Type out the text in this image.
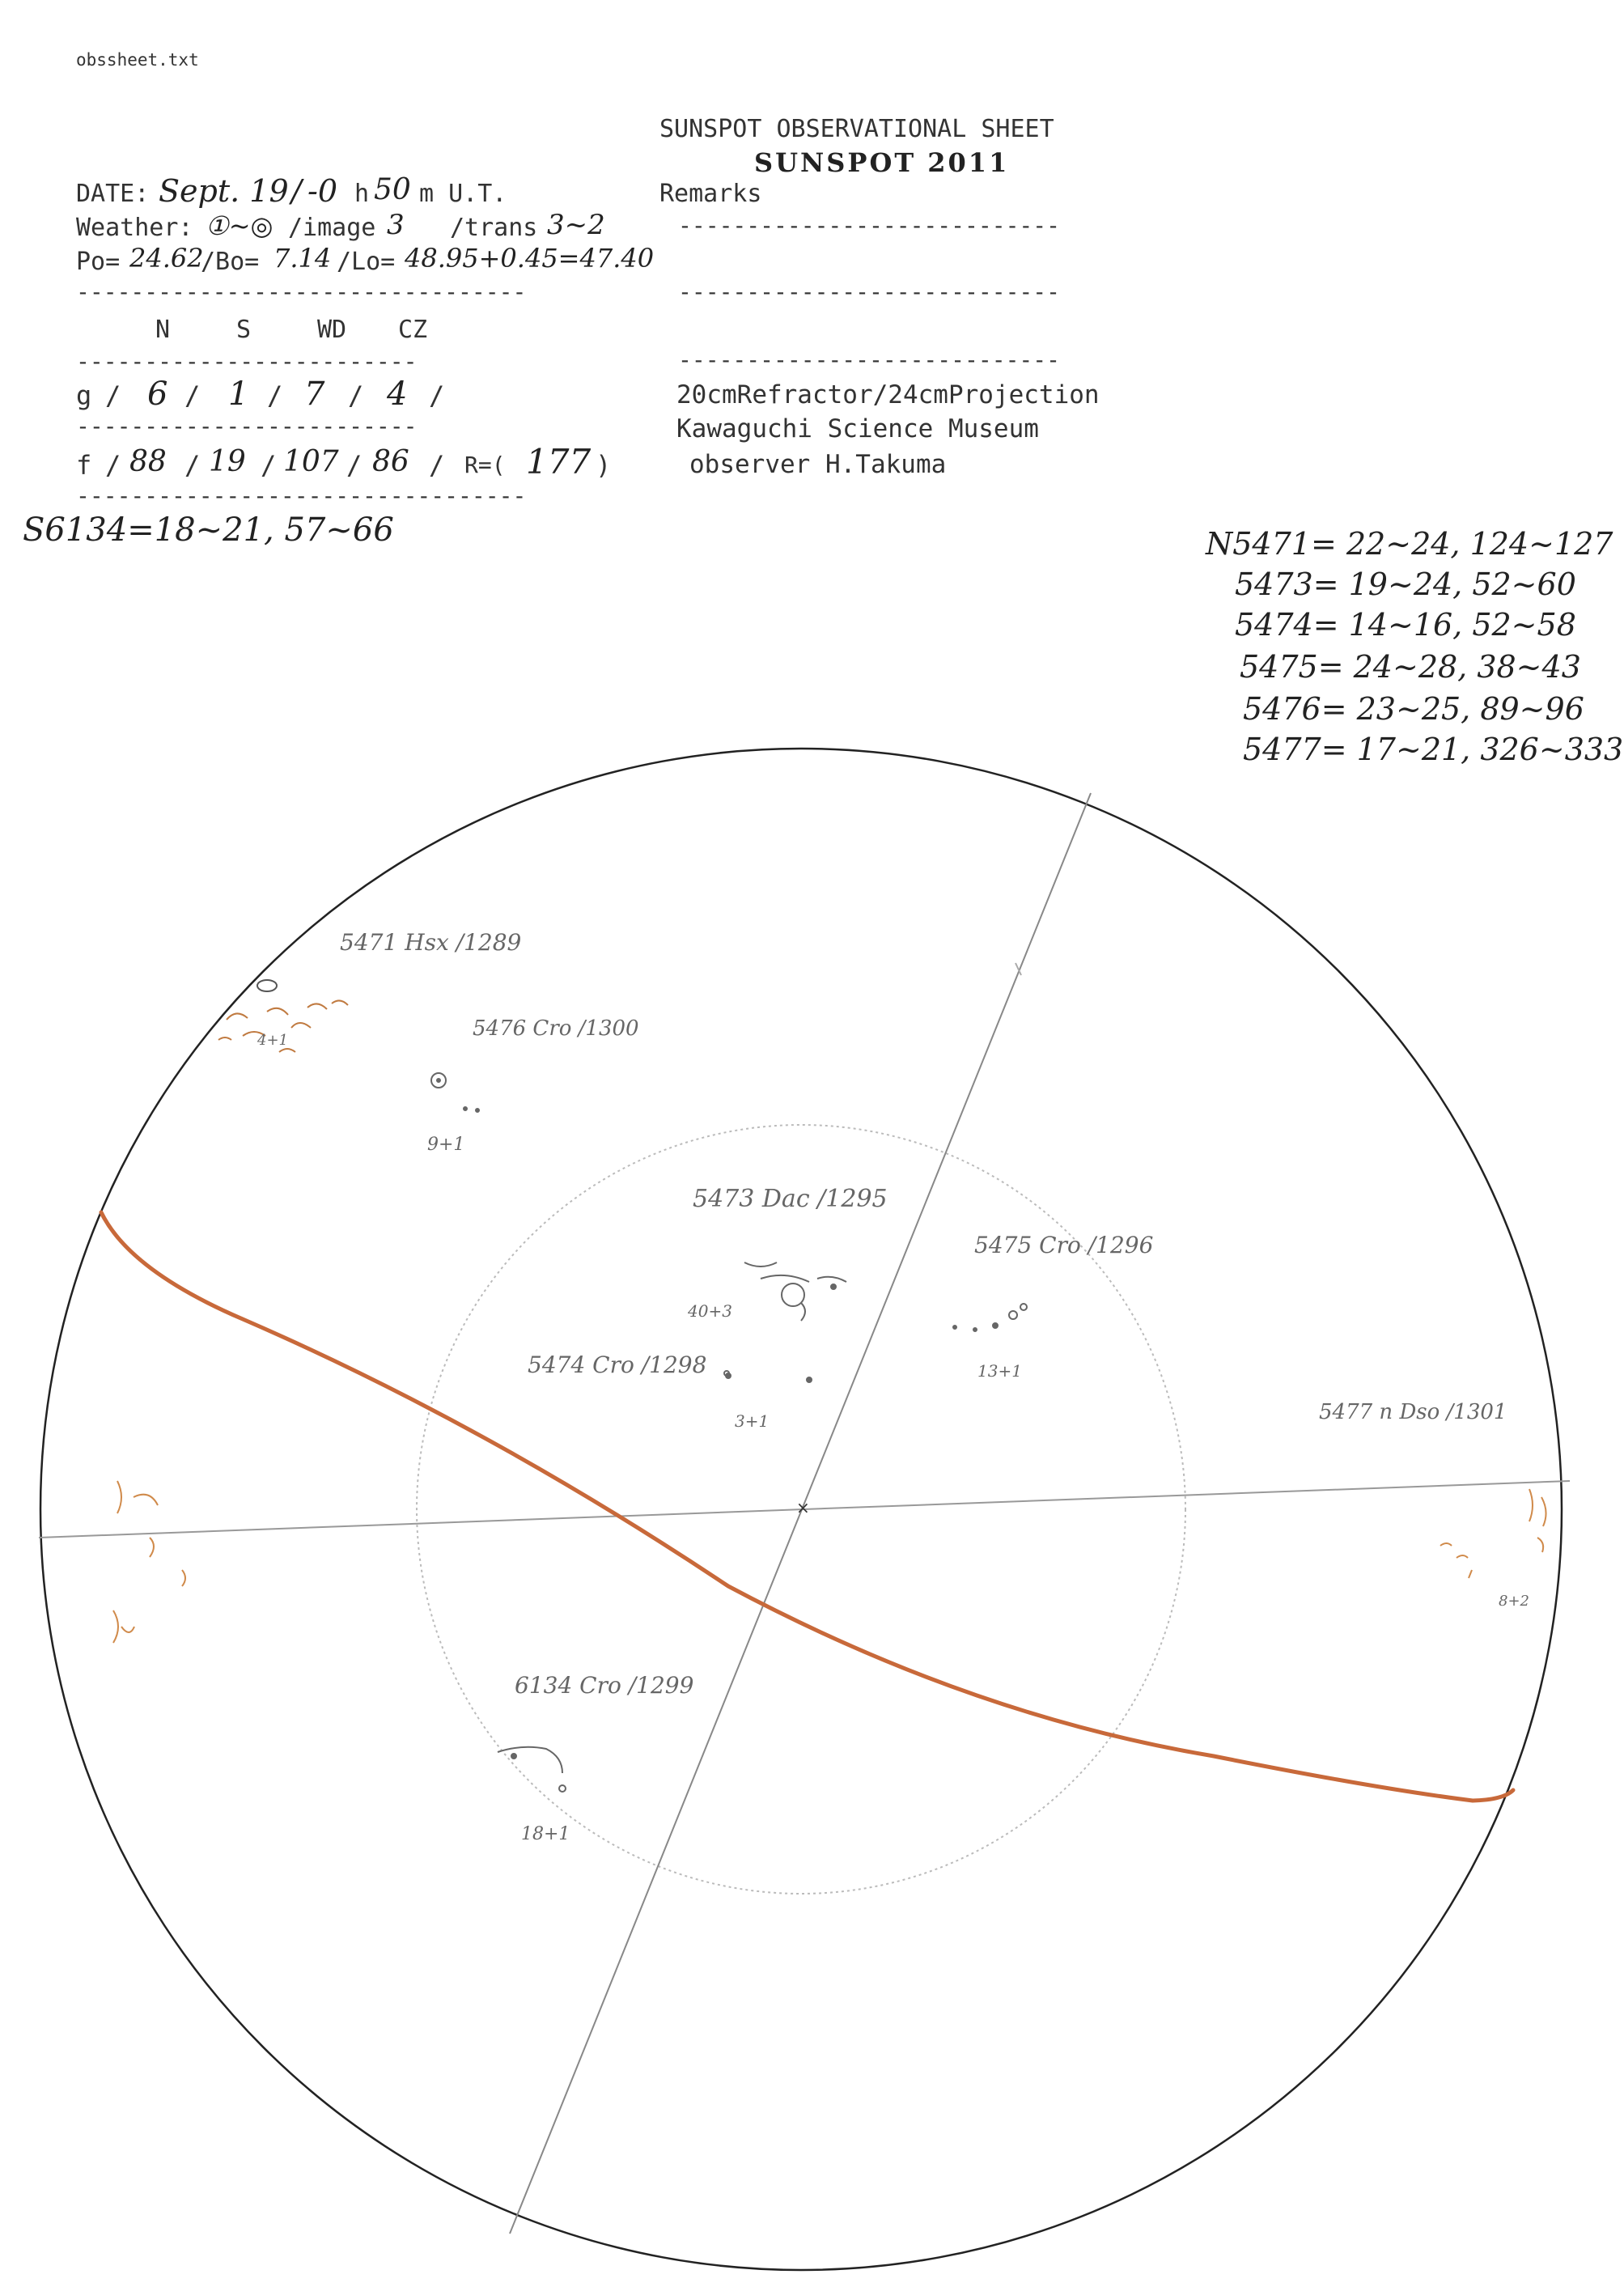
obssheet.txt
SUNSPOT OBSERVATIONAL SHEET
SUNSPOT 2011
Remarks
DATE: Sept. 19 / -0 h 50 m U.T.
Weather: ①~◎ /image 3 /trans 3~2
Po= 24.62
/Bo= 7.14 /Lo= 48.95+0.45=47.40
---------------------------------
----------------------------
----------------------------
----------------------------
N	S	WD CZ
-------------------------
g / 6 / 1 / 7 / 4 /
-------------------------
f / 88 / 19 / 107 / 86 / R=( 177 )
---------------------------------
S6134=18~21, 57~66
20cmRefractor/24cmProjection
Kawaguchi Science Museum
observer H.Takuma
N5471= 22~24, 124~127
5473= 19~24, 52~60
5474= 14~16, 52~58
5475= 24~28, 38~43
5476= 23~25, 89~96
5477= 17~21, 326~333
×
5471 Hsx /1289
4+1	5476 Cro /1300
9+1
5473 Dac /1295
40+3
5475 Cro /1296
13+1
5474 Cro /1298
3+1	5477 n Dso /1301
8+2
6134 Cro /1299
18+1
